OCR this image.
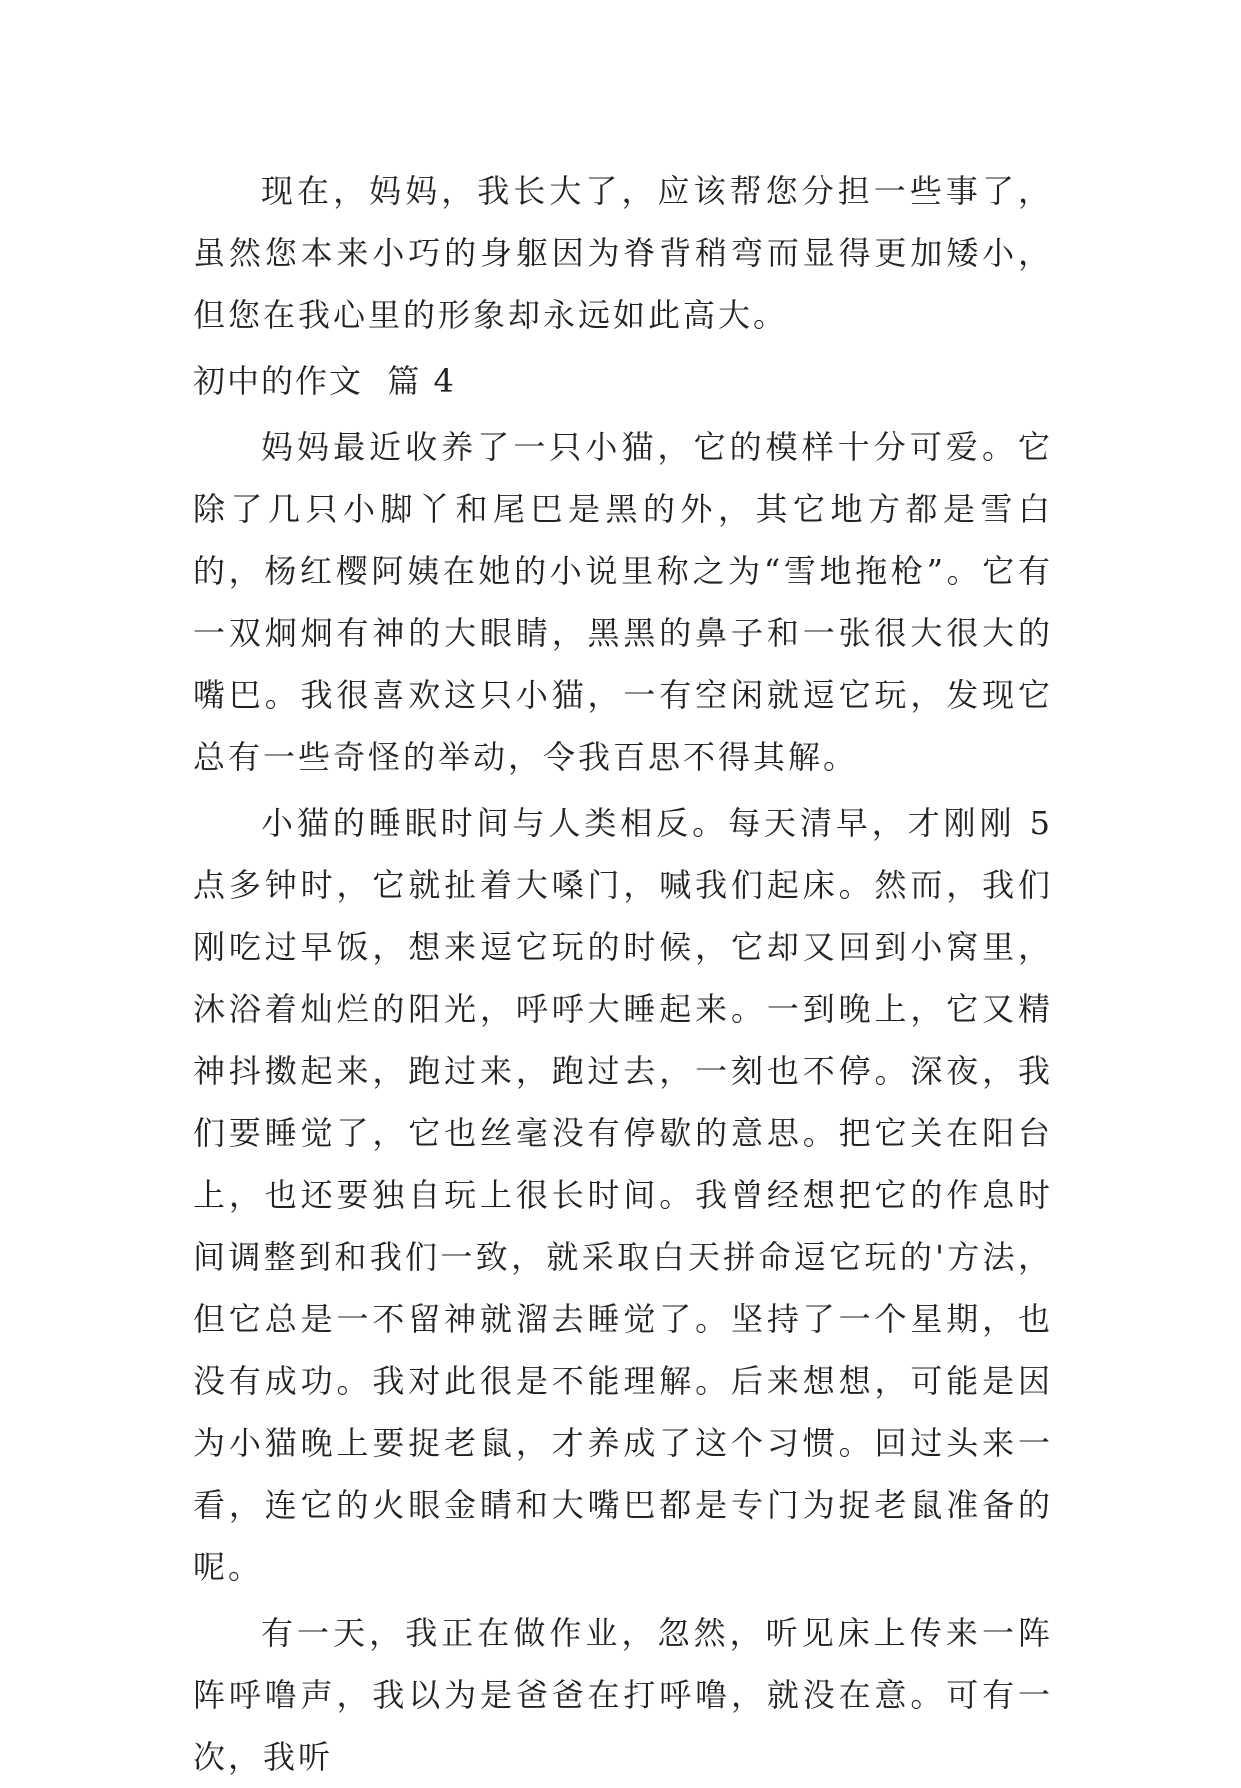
现在，妈妈，我长大了，应该帮您分担一些事了，虽然您本来小巧的身躯因为脊背稍弯而显得更加矮小，但您在我心里的形象却永远如此高大。

初中的作文  篇 4

妈妈最近收养了一只小猫，它的模样十分可爱。它除了几只小脚丫和尾巴是黑的外，其它地方都是雪白的，杨红樱阿姨在她的小说里称之为“雪地拖枪”。它有一双炯炯有神的大眼睛，黑黑的鼻子和一张很大很大的嘴巴。我很喜欢这只小猫，一有空闲就逗它玩，发现它总有一些奇怪的举动，令我百思不得其解。

小猫的睡眠时间与人类相反。每天清早，才刚刚 5 点多钟时，它就扯着大嗓门，喊我们起床。然而，我们刚吃过早饭，想来逗它玩的时候，它却又回到小窝里，沐浴着灿烂的阳光，呼呼大睡起来。一到晚上，它又精神抖擞起来，跑过来，跑过去，一刻也不停。深夜，我们要睡觉了，它也丝毫没有停歇的意思。把它关在阳台上，也还要独自玩上很长时间。我曾经想把它的作息时间调整到和我们一致，就采取白天拼命逗它玩的'方法，但它总是一不留神就溜去睡觉了。坚持了一个星期，也没有成功。我对此很是不能理解。后来想想，可能是因为小猫晚上要捉老鼠，才养成了这个习惯。回过头来一看，连它的火眼金睛和大嘴巴都是专门为捉老鼠准备的呢。

有一天，我正在做作业，忽然，听见床上传来一阵阵呼噜声，我以为是爸爸在打呼噜，就没在意。可有一次，我听
